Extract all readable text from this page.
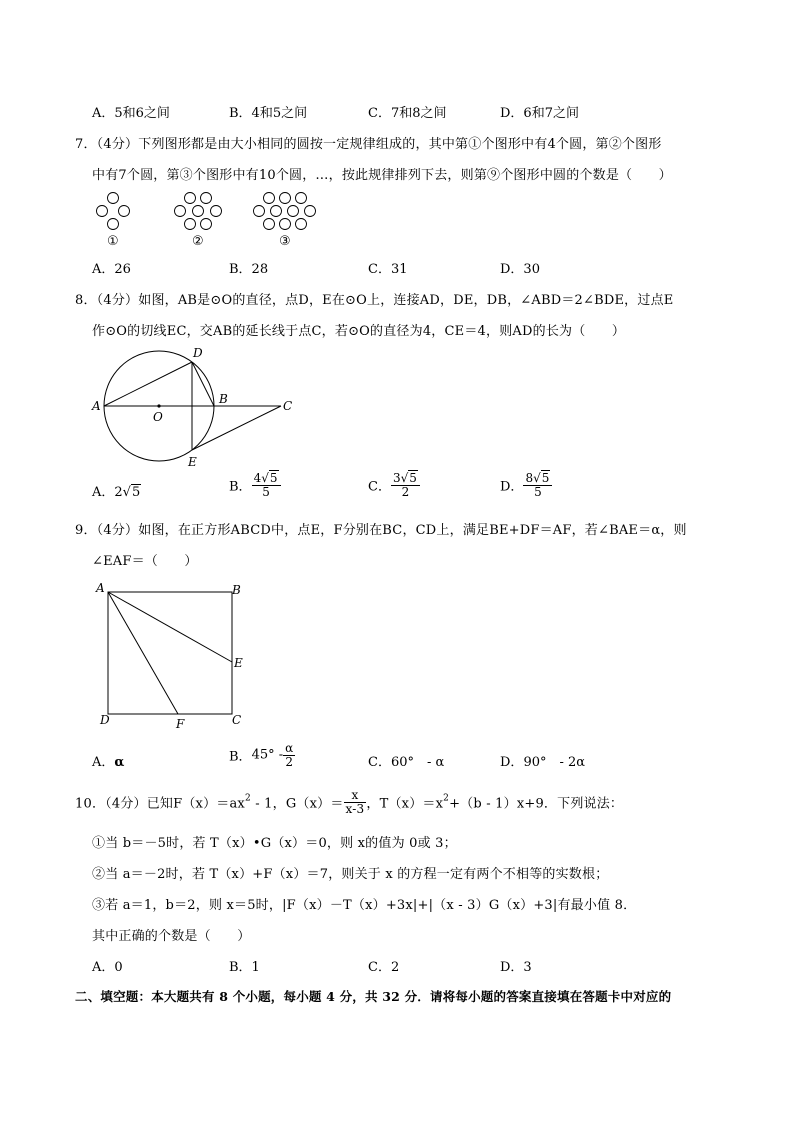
A．5和6之间	B．4和5之间	C．7和8之间	D．6和7之间
7．（4分）下列图形都是由大小相同的圆按一定规律组成的，其中第①个图形中有4个圆，第②个图形
中有7个圆，第③个图形中有10个圆，…，按此规律排列下去，则第⑨个图形中圆的个数是（　　）
①	②	③
A．26	B．28	C．31	D．30
8．（4分）如图，AB是⊙O的直径，点D，E在⊙O上，连接AD，DE，DB，∠ABD＝2∠BDE，过点E
作⊙O的切线EC，交AB的延长线于点C，若⊙O的直径为4，CE＝4，则AD的长为（　　）
A
O
D
B	C
E
A．2√5	B． $\frac{4√5}{5}$	C． $\frac{3√5}{2}$	D． $\frac{8√5}{5}$
9．（4分）如图，在正方形ABCD中，点E，F分别在BC，CD上，满足BE+DF＝AF，若∠BAE＝α，则
∠EAF＝（　　）
A	B
E
D	F	C
A．α	B．$45^\circ - \frac{\alpha}{2}$	C．60°　- α	D．90°　- 2α
10．（4分）已知$F(x)=ax^2 - 1$，$G(x)= \frac{x}{x-3}$ ，$T(x)=x^2+(b - 1)x+9$．下列说法：
①当 b＝－5时，若 T（x）•G（x）＝0，则 x的值为 0或 3；
②当 a＝－2时，若 T（x）+F（x）＝7，则关于 x 的方程一定有两个不相等的实数根；
③若 a＝1，b＝2，则 x＝5时，|F（x）－T（x）+3x|+|（x - 3）G（x）+3|有最小值 8．
其中正确的个数是（　　）
A．0	B．1	C．2	D．3
二、填空题：本大题共有 8 个小题，每小题 4 分，共 32 分．请将每小题的答案直接填在答题卡中对应的
